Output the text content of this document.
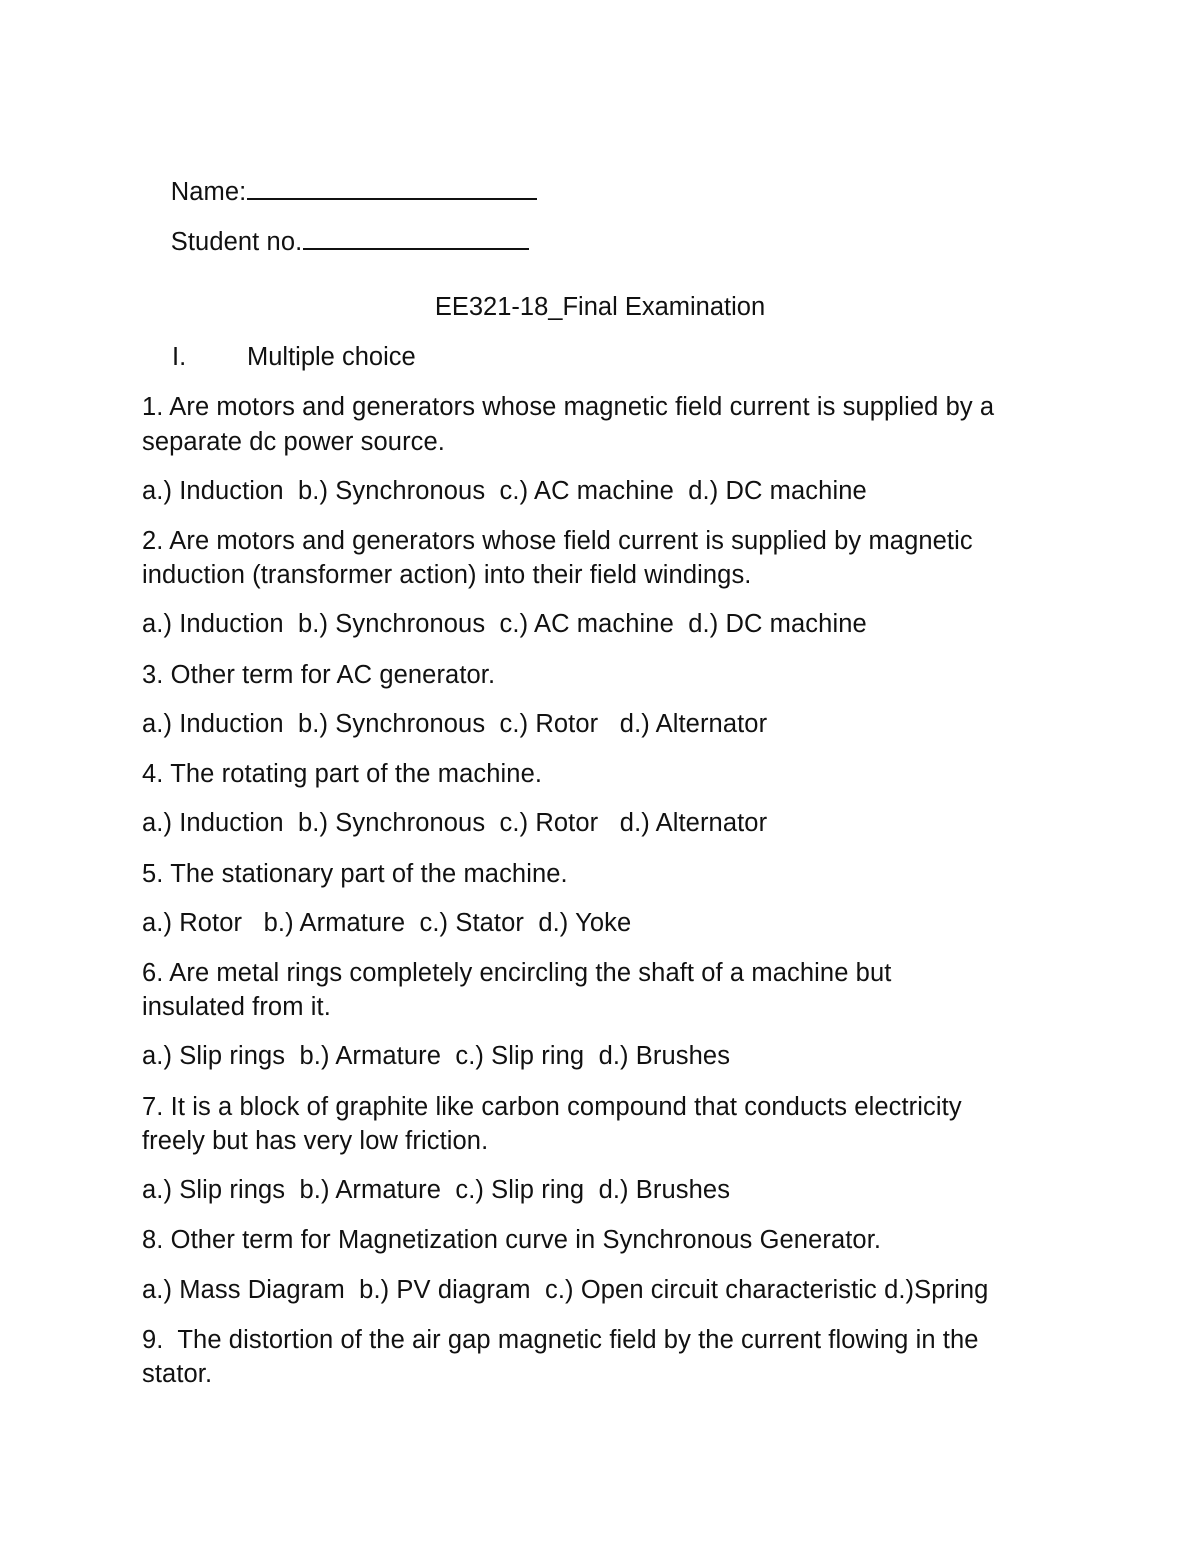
Name:

Student no.

EE321-18_Final Examination
I. Multiple choice
1. Are motors and generators whose magnetic field current is supplied by a
separate dc power source.
a.) Induction  b.) Synchronous  c.) AC machine  d.) DC machine
2. Are motors and generators whose field current is supplied by magnetic
induction (transformer action) into their field windings.
a.) Induction  b.) Synchronous  c.) AC machine  d.) DC machine
3. Other term for AC generator.
a.) Induction  b.) Synchronous  c.) Rotor   d.) Alternator
4. The rotating part of the machine.
a.) Induction  b.) Synchronous  c.) Rotor   d.) Alternator
5. The stationary part of the machine.
a.) Rotor   b.) Armature  c.) Stator  d.) Yoke
6. Are metal rings completely encircling the shaft of a machine but
insulated from it.
a.) Slip rings  b.) Armature  c.) Slip ring  d.) Brushes
7. It is a block of graphite like carbon compound that conducts electricity
freely but has very low friction.
a.) Slip rings  b.) Armature  c.) Slip ring  d.) Brushes
8. Other term for Magnetization curve in Synchronous Generator.
a.) Mass Diagram  b.) PV diagram  c.) Open circuit characteristic d.)Spring
9.  The distortion of the air gap magnetic field by the current flowing in the
stator.
